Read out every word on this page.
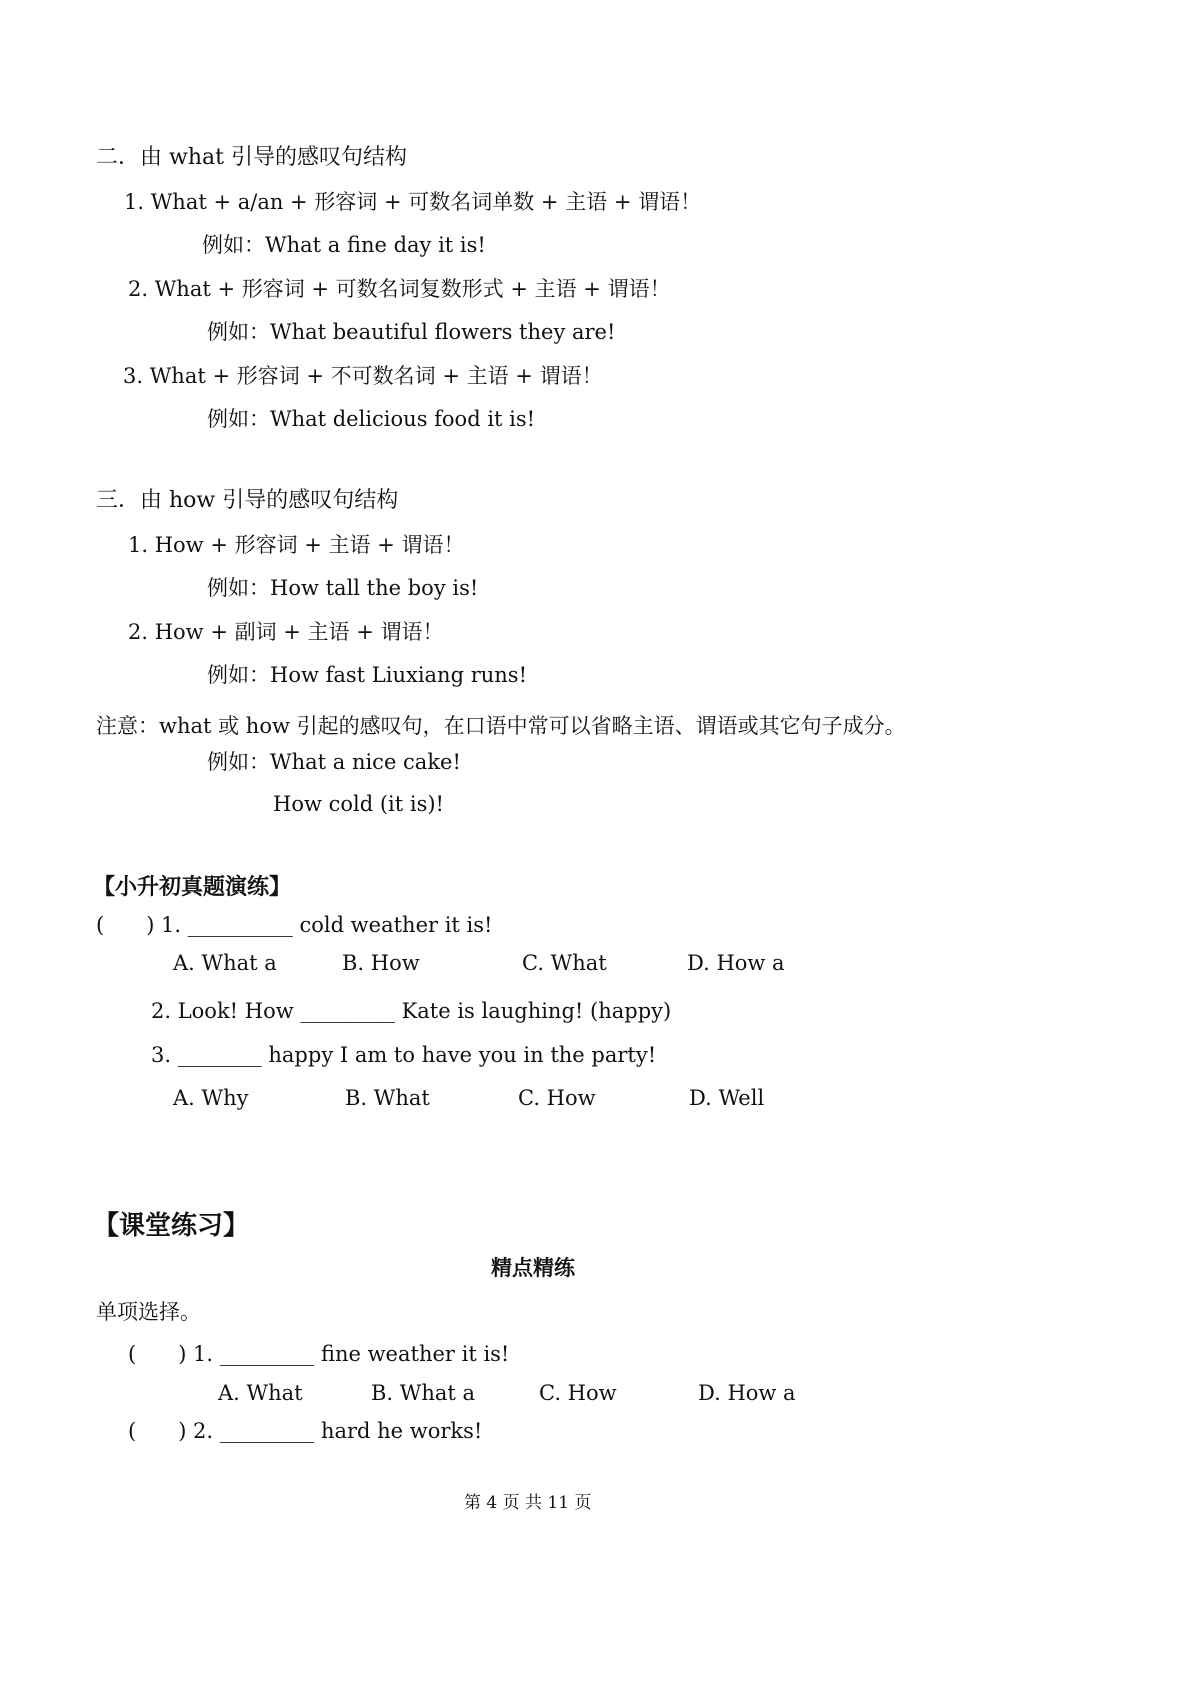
二．由 what 引导的感叹句结构
1. What + a/an + 形容词 + 可数名词单数 + 主语 + 谓语！
例如：What a fine day it is!
2. What + 形容词 + 可数名词复数形式 + 主语 + 谓语！
例如：What beautiful flowers they are!
3. What + 形容词 + 不可数名词 + 主语 + 谓语！
例如：What delicious food it is!
三．由 how 引导的感叹句结构
1. How + 形容词 + 主语 + 谓语！
例如：How tall the boy is!
2. How + 副词 + 主语 + 谓语！
例如：How fast Liuxiang runs!
注意：what 或 how 引起的感叹句，在口语中常可以省略主语、谓语或其它句子成分。
例如：What a nice cake!
How cold (it is)!
【小升初真题演练】
(　　) 1. __________ cold weather it is!
A. What a	B. How	C. What	D. How a
2. Look! How _________ Kate is laughing! (happy)
3. ________ happy I am to have you in the party!
A. Why	B. What	C. How	D. Well
【课堂练习】
精点精练
单项选择。
(　　) 1. _________ fine weather it is!
A. What	B. What a	C. How	D. How a
(　　) 2. _________ hard he works!
第 4 页 共 11 页
